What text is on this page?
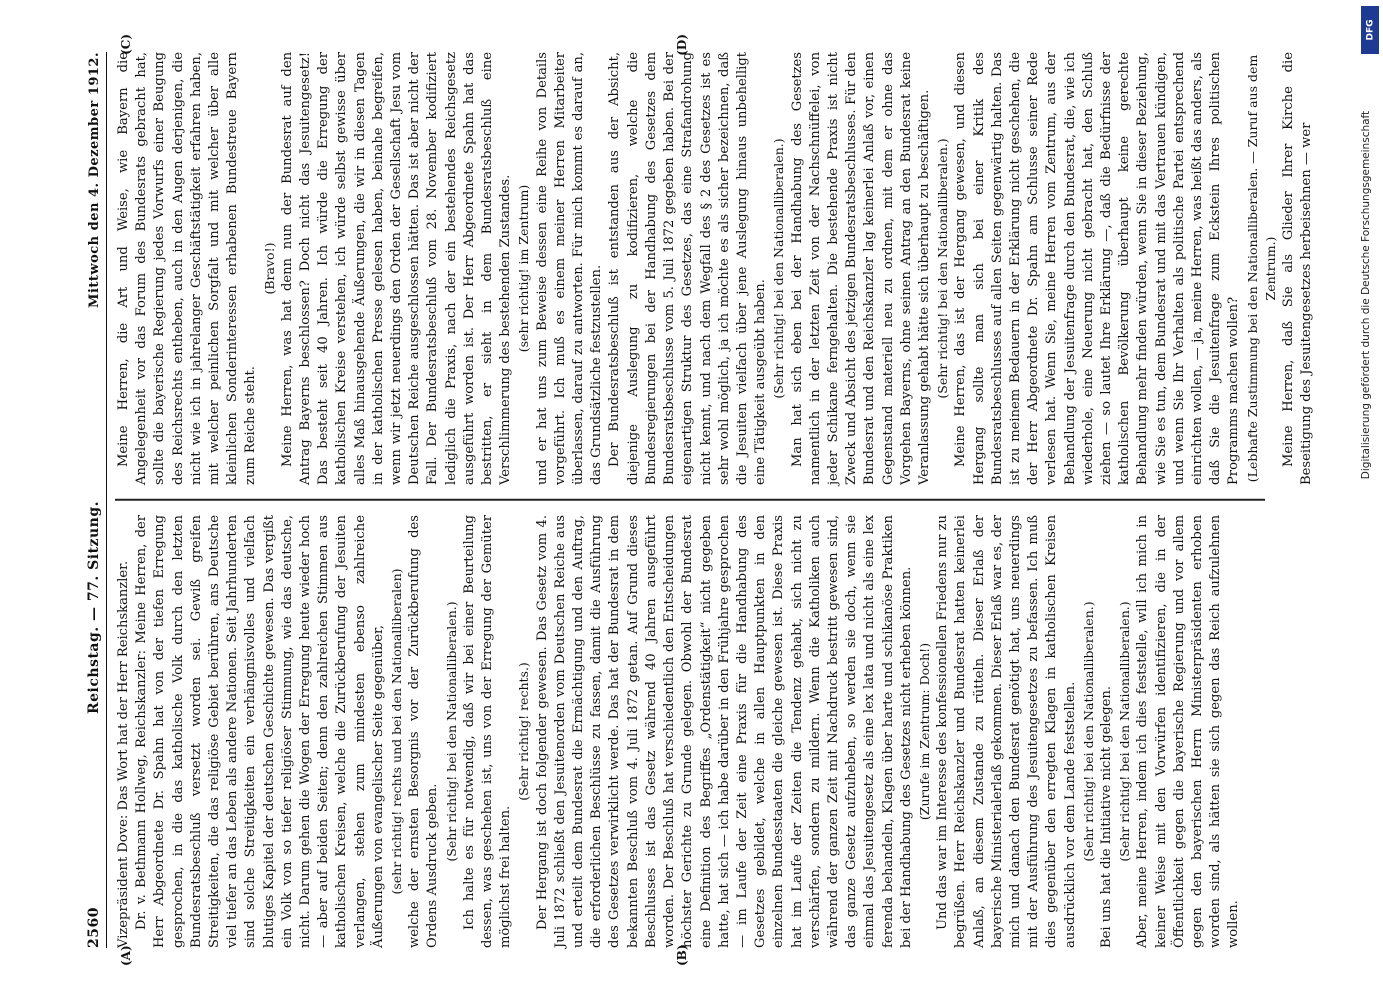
2560
Reichstag. — 77. Sitzung.
Mittwoch den 4. Dezember 1912.

Vizepräsident Dove: Das Wort hat der Herr Reichskanzler. Dr. v. Bethmann Hollweg, Reichskanzler: Meine Herren, der Herr Abgeordnete Dr. Spahn hat von der tiefen Erregung gesprochen, in die das katholische Volk durch den letzten Bundesratsbeschluß versetzt worden sei. Gewiß greifen Streitigkeiten, die das religiöse Gebiet berühren, ans Deutsche viel tiefer an das Leben als andere Nationen. Seit Jahrhunderten sind solche Streitigkeiten ein verhängnisvolles und vielfach blutiges Kapitel der deutschen Geschichte gewesen. Das vergißt ein Volk von so tiefer religiöser Stimmung, wie das deutsche, nicht. Darum gehen die Wogen der Erregung heute wieder hoch — aber auf beiden Seiten; denn den zahlreichen Stimmen aus katholischen Kreisen, welche die Zurückberufung der Jesuiten verlangen, stehen zum mindesten ebenso zahlreiche Äußerungen von evangelischer Seite gegenüber, (sehr richtig! rechts und bei den Nationalliberalen) welche der ernsten Besorgnis vor der Zurückberufung des Ordens Ausdruck geben.

(Sehr richtig! bei den Nationalliberalen.) Ich halte es für notwendig, daß wir bei einer Beurteilung dessen, was geschehen ist, uns von der Erregung der Gemüter möglichst frei halten.

(Sehr richtig! rechts.) Der Hergang ist doch folgender gewesen. Das Gesetz vom 4. Juli 1872 schließt den Jesuitenorden vom Deutschen Reiche aus und erteilt dem Bundesrat die Ermächtigung und den Auftrag, die erforderlichen Beschlüsse zu fassen, damit die Ausführung des Gesetzes verwirklicht werde. Das hat der Bundesrat in dem bekannten Beschluß vom 4. Juli 1872 getan. Auf Grund dieses Beschlusses ist das Gesetz während 40 Jahren ausgeführt worden. Der Beschluß hat verschiedentlich den Entscheidungen höchster Gerichte zu Grunde gelegen. Obwohl der Bundesrat eine Definition des Begriffes „Ordenstätigkeit“ nicht gegeben hatte, hat sich — ich habe darüber in den Frühjahre gesprochen — im Laufe der Zeit eine Praxis für die Handhabung des Gesetzes gebildet, welche in allen Hauptpunkten in den einzelnen Bundesstaaten die gleiche gewesen ist. Diese Praxis hat im Laufe der Zeiten die Tendenz gehabt, sich nicht zu verschärfen, sondern zu mildern. Wenn die Katholiken auch während der ganzen Zeit mit Nachdruck bestritt gewesen sind, das ganze Gesetz aufzuheben, so werden sie doch, wenn sie einmal das Jesuitengesetz als eine lex lata und nicht als eine lex ferenda behandeln, Klagen über harte und schikanöse Praktiken bei der Handhabung des Gesetzes nicht erheben können. (Zurufe im Zentrum: Doch!) Und das war im Interesse des konfessionellen Friedens nur zu begrüßen. Herr Reichskanzler und Bundesrat hatten keinerlei Anlaß, an diesem Zustande zu rütteln. Dieser Erlaß der bayerische Ministerialerlaß gekommen. Dieser Erlaß war es, der mich und danach den Bundesrat genötigt hat, uns neuerdings mit der Ausführung des Jesuitengesetzes zu befassen. Ich muß dies gegenüber den erregten Klagen in katholischen Kreisen ausdrücklich vor dem Lande feststellen. (Sehr richtig! bei den Nationalliberalen.) Bei uns hat die Initiative nicht gelegen. (Sehr richtig! bei den Nationalliberalen.) Aber, meine Herren, indem ich dies feststelle, will ich mich in keiner Weise mit den Vorwürfen identifizieren, die in der Öffentlichkeit gegen die bayerische Regierung und vor allem gegen den bayerischen Herrn Ministerpräsidenten erhoben worden sind, als hätten sie sich gegen das Reich aufzulehnen wollen.

Meine Herren, die Art und Weise, wie Bayern die Angelegenheit vor das Forum des Bundesrats gebracht hat, sollte die bayerische Regierung jedes Vorwurfs einer Beugung des Reichsrechts entheben, auch in den Augen derjenigen, die nicht wie ich in jahrelanger Geschäftstätigkeit erfahren haben, mit welcher peinlichen Sorgfalt und mit welcher über alle kleinlichen Sonderinteressen erhabenen Bundestreue Bayern zum Reiche steht.

(Bravo!) Meine Herren, was hat denn nun der Bundesrat auf den Antrag Bayerns beschlossen? Doch nicht das Jesuitengesetz! Das besteht seit 40 Jahren. Ich würde die Erregung der katholischen Kreise verstehen, ich würde selbst gewisse über alles Maß hinausgehende Äußerungen, die wir in diesen Tagen in der katholischen Presse gelesen haben, beinahe begreifen, wenn wir jetzt neuerdings den Orden der Gesellschaft Jesu vom Deutschen Reiche ausgeschlossen hätten. Das ist aber nicht der Fall. Der Bundesratsbeschluß vom 28. November kodifiziert lediglich die Praxis, nach der ein bestehendes Reichsgesetz ausgeführt worden ist. Der Herr Abgeordnete Spahn hat das bestritten, er sieht in dem Bundesratsbeschluß eine Verschlimmerung des bestehenden Zustandes. (sehr richtig! im Zentrum) und er hat uns zum Beweise dessen eine Reihe von Details vorgeführt. Ich muß es einem meiner Herren Mitarbeiter überlassen, darauf zu antworten. Für mich kommt es darauf an, das Grundsätzliche festzustellen. Der Bundesratsbeschluß ist entstanden aus der Absicht, diejenige Auslegung zu kodifizieren, welche die Bundesregierungen bei der Handhabung des Gesetzes dem Bundesratsbeschlusse vom 5. Juli 1872 gegeben haben. Bei der eigenartigen Struktur des Gesetzes, das eine Strafandrohung nicht kennt, und nach dem Wegfall des § 2 des Gesetzes ist es sehr wohl möglich, ja ich möchte es als sicher bezeichnen, daß die Jesuiten vielfach über jene Auslegung hinaus unbehelligt eine Tätigkeit ausgeübt haben. (Sehr richtig! bei den Nationalliberalen.) Man hat sich eben bei der Handhabung des Gesetzes namentlich in der letzten Zeit von der Nachschnüffelei, von jeder Schikane ferngehalten. Die bestehende Praxis ist nicht Zweck und Absicht des jetzigen Bundesratsbeschlusses. Für den Bundesrat und den Reichskanzler lag keinerlei Anlaß vor, einen Gegenstand materiell neu zu ordnen, mit dem er ohne das Vorgehen Bayerns, ohne seinen Antrag an den Bundesrat keine Veranlassung gehabt hätte sich überhaupt zu beschäftigen. (Sehr richtig! bei den Nationalliberalen.) Meine Herren, das ist der Hergang gewesen, und diesen Hergang sollte man sich bei einer Kritik des Bundesratsbeschlusses auf allen Seiten gegenwärtig halten. Das ist zu meinem Bedauern in der Erklärung nicht geschehen, die der Herr Abgeordnete Dr. Spahn am Schlusse seiner Rede verlesen hat. Wenn Sie, meine Herren vom Zentrum, aus der Behandlung der Jesuitenfrage durch den Bundesrat, die, wie ich wiederhole, eine Neuerung nicht gebracht hat, den Schluß ziehen — so lautet Ihre Erklärung —, daß die Bedürfnisse der katholischen Bevölkerung überhaupt keine gerechte Behandlung mehr finden würden, wenn Sie in dieser Beziehung, wie Sie es tun, dem Bundesrat und mit das Vertrauen kündigen, und wenn Sie Ihr Verhalten als politische Partei entsprechend einrichten wollen, — ja, meine Herren, was heißt das anders, als daß Sie die Jesuitenfrage zum Eckstein Ihres politischen Programms machen wollen? (Lebhafte Zustimmung bei den Nationalliberalen. — Zuruf aus dem Zentrum.) Meine Herren, daß Sie als Glieder Ihrer Kirche die Beseitigung des Jesuitengesetzes herbeisehnen — wer

(A)	(B)
(C)	(D)
DFG
Digitalisierung gefördert durch die Deutsche Forschungsgemeinschaft
